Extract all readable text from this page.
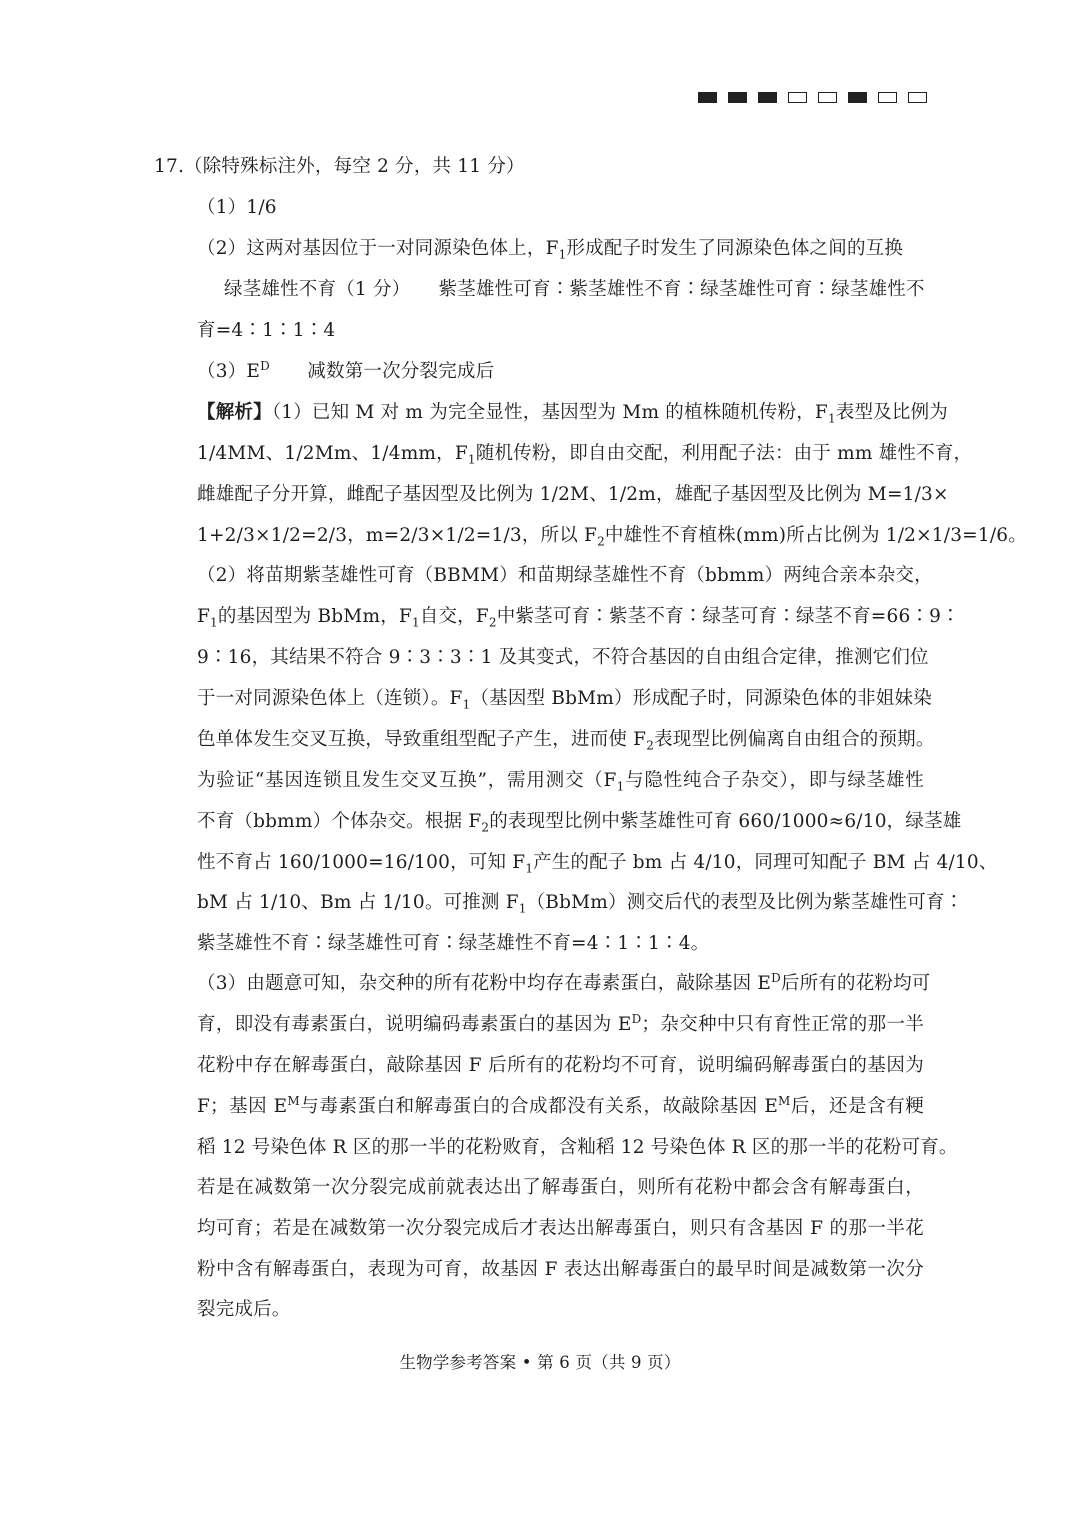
17.（除特殊标注外，每空 2 分，共 11 分）
（1）1/6
（2）这两对基因位于一对同源染色体上，$F_1$形成配子时发生了同源染色体之间的互换
绿茎雄性不育（1 分）　　紫茎雄性可育∶紫茎雄性不育∶绿茎雄性可育∶绿茎雄性不
育=4∶1∶1∶4
$(3)E^D$　　减数第一次分裂完成后
【解析】（1）已知 M 对 m 为完全显性，基因型为 Mm 的植株随机传粉，$F_1$表型及比例为
1/4MM、1/2Mm、1/4mm，$F_1$随机传粉，即自由交配，利用配子法：由于 mm 雄性不育，
雌雄配子分开算，雌配子基因型及比例为 1/2M、1/2m，雄配子基因型及比例为 M=1/3×
1+2/3×1/2=2/3，m=2/3×1/2=1/3，所以 $F_2$中雄性不育植株(mm)所占比例为 1/2×1/3=1/6。
（2）将苗期紫茎雄性可育（BBMM）和苗期绿茎雄性不育（bbmm）两纯合亲本杂交，
$F_1$的基因型为 BbMm，$F_1$自交，$F_2$中紫茎可育∶紫茎不育∶绿茎可育∶绿茎不育=66∶9∶
9∶16，其结果不符合 9∶3∶3∶1 及其变式，不符合基因的自由组合定律，推测它们位
于一对同源染色体上（连锁）。$F_1$（基因型 BbMm）形成配子时，同源染色体的非姐妹染
色单体发生交叉互换，导致重组型配子产生，进而使 $F_2$表现型比例偏离自由组合的预期。
为验证“基因连锁且发生交叉互换”，需用测交（$F_1$与隐性纯合子杂交），即与绿茎雄性
不育（bbmm）个体杂交。根据 $F_2$的表现型比例中紫茎雄性可育 660/1000≈6/10，绿茎雄
性不育占 160/1000=16/100，可知 $F_1$产生的配子 bm 占 4/10，同理可知配子 BM 占 4/10、
bM 占 1/10、Bm 占 1/10。可推测 $F_1(BbMm)$测交后代的表型及比例为紫茎雄性可育∶
紫茎雄性不育∶绿茎雄性可育∶绿茎雄性不育=4∶1∶1∶4。
（3）由题意可知，杂交种的所有花粉中均存在毒素蛋白，敲除基因 $E^D$后所有的花粉均可
育，即没有毒素蛋白，说明编码毒素蛋白的基因为 $E^D$；杂交种中只有育性正常的那一半
花粉中存在解毒蛋白，敲除基因 F 后所有的花粉均不可育，说明编码解毒蛋白的基因为
F；基因 $E^M$与毒素蛋白和解毒蛋白的合成都没有关系，故敲除基因 $E^M$后，还是含有粳
稻 12 号染色体 R 区的那一半的花粉败育，含籼稻 12 号染色体 R 区的那一半的花粉可育。
若是在减数第一次分裂完成前就表达出了解毒蛋白，则所有花粉中都会含有解毒蛋白，
均可育；若是在减数第一次分裂完成后才表达出解毒蛋白，则只有含基因 F 的那一半花
粉中含有解毒蛋白，表现为可育，故基因 F 表达出解毒蛋白的最早时间是减数第一次分
裂完成后。
生物学参考答案 • 第 6 页（共 9 页）
